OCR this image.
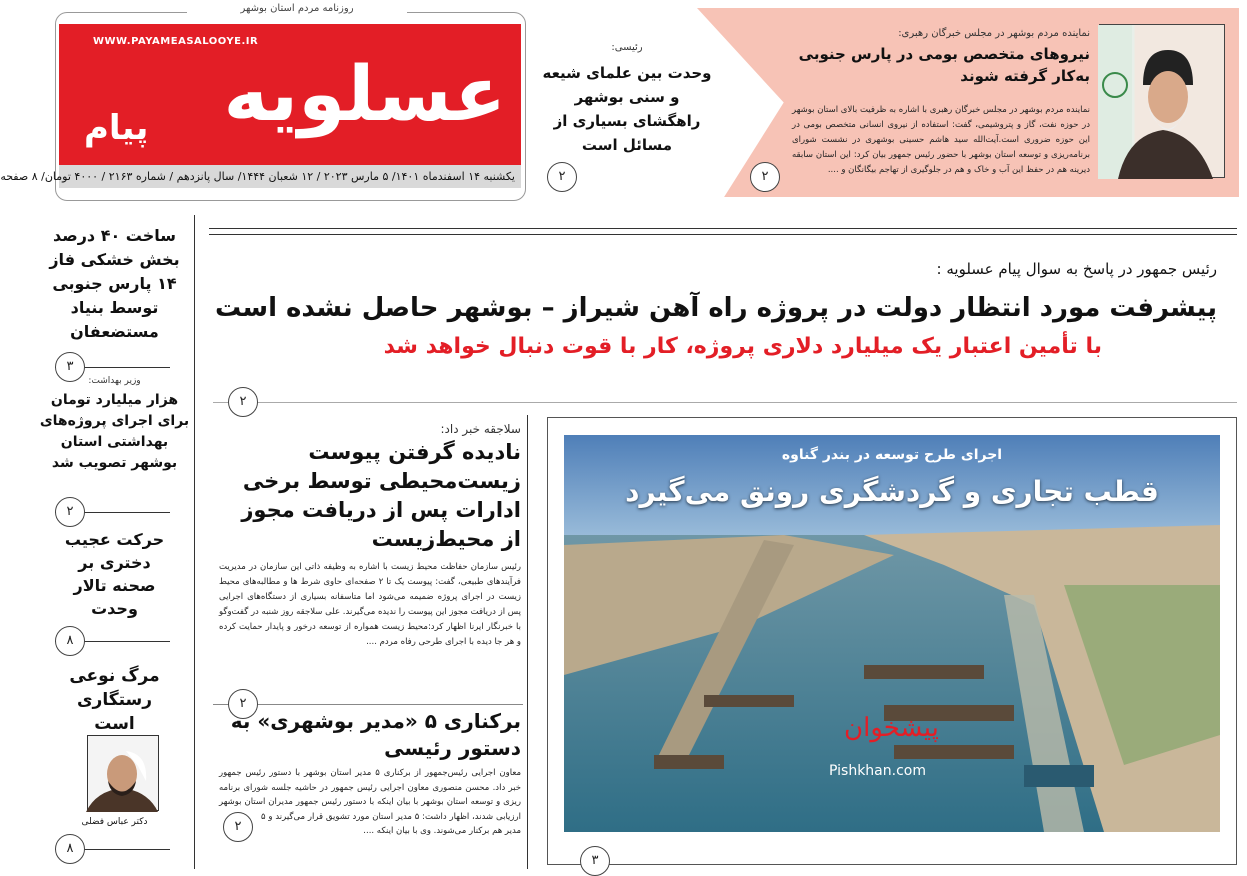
روزنامه مردم استان بوشهر
WWW.PAYAMEASALOOYE.IR
عسلویه
پیام
یکشنبه ۱۴ اسفندماه ۱۴۰۱/ ۵ مارس ۲۰۲۳ / ۱۲ شعبان ۱۴۴۴/ سال پانزدهم / شماره ۲۱۶۳ / ۴۰۰۰ تومان/ ۸ صفحه
رئیسی:
وحدت بین علمای شیعه و سنی بوشهر راهگشای بسیاری از مسائل است
۲
نماینده مردم بوشهر در مجلس خبرگان رهبری:
نیروهای متخصص بومی در پارس جنوبی به‌کار گرفته شوند

نماینده مردم بوشهر در مجلس خبرگان رهبری با اشاره به ظرفیت بالای استان بوشهر در حوزه نفت، گاز و پتروشیمی، گفت: استفاده از نیروی انسانی متخصص بومی در این حوزه ضروری است.آیت‌الله سید هاشم حسینی بوشهری در نشست شورای برنامه‌ریزی و توسعه استان بوشهر با حضور رئیس جمهور بیان کرد: این استان سابقه دیرینه هم در حفظ این آب و خاک و هم در جلوگیری از تهاجم بیگانگان و ....

۲
رئیس جمهور در پاسخ به سوال پیام عسلویه :
پیشرفت مورد انتظار دولت در پروژه راه آهن شیراز – بوشهر حاصل نشده است
با تأمین اعتبار یک میلیارد دلاری پروژه، کار با قوت دنبال خواهد شد
۲
ساخت ۴۰ درصد بخش خشکی فاز ۱۴ پارس جنوبی توسط بنیاد مستضعفان
۳
وزیر بهداشت:
هزار میلیارد تومان برای اجرای پروژه‌های بهداشتی استان بوشهر تصویب شد
۲
حرکت عجیب دختری بر صحنه تالار وحدت
۸
مرگ نوعی رستگاری است
دکتر عباس فضلی
۸
سلاجقه خبر داد:
نادیده گرفتن پیوست زیست‌محیطی توسط برخی ادارات پس از دریافت مجوز از محیط‌زیست

رئیس سازمان حفاظت محیط زیست با اشاره به وظیفه ذاتی این سازمان در مدیریت فرآیندهای طبیعی، گفت: پیوست یک تا ۲ صفحه‌ای حاوی شرط ها و مطالبه‌های محیط زیست در اجرای پروژه ضمیمه می‌شود اما متاسفانه بسیاری از دستگاه‌های اجرایی پس از دریافت مجوز این پیوست را نديده می‌گیرند. علی سلاجقه روز شنبه در گفت‌وگو با خبرنگار ایرنا اظهار کرد:محیط زیست همواره از توسعه درخور و پایدار حمایت کرده و هر جا دیده با اجرای طرحی رفاه مردم ....

۲
برکناری ۵ «مدیر بوشهری» به دستور رئیسی

۲
معاون اجرایی رئیس‌جمهور از برکناری ۵ مدیر استان بوشهر با دستور رئیس جمهور خبر داد. محسن منصوری معاون اجرایی رئیس جمهور در حاشیه جلسه شورای برنامه ریزی و توسعه استان بوشهر با بیان اینکه با دستور رئیس جمهور مدیران استان بوشهر ارزیابی شدند، اظهار داشت: ۵ مدیر استان مورد تشویق قرار می‌گیرند و ۵ مدیر هم برکنار می‌شوند. وی با بیان اینکه ....

اجرای طرح توسعه در بندر گناوه
قطب تجاری و گردشگری رونق می‌گیرد
پیشخوان
Pishkhan.com
۳
